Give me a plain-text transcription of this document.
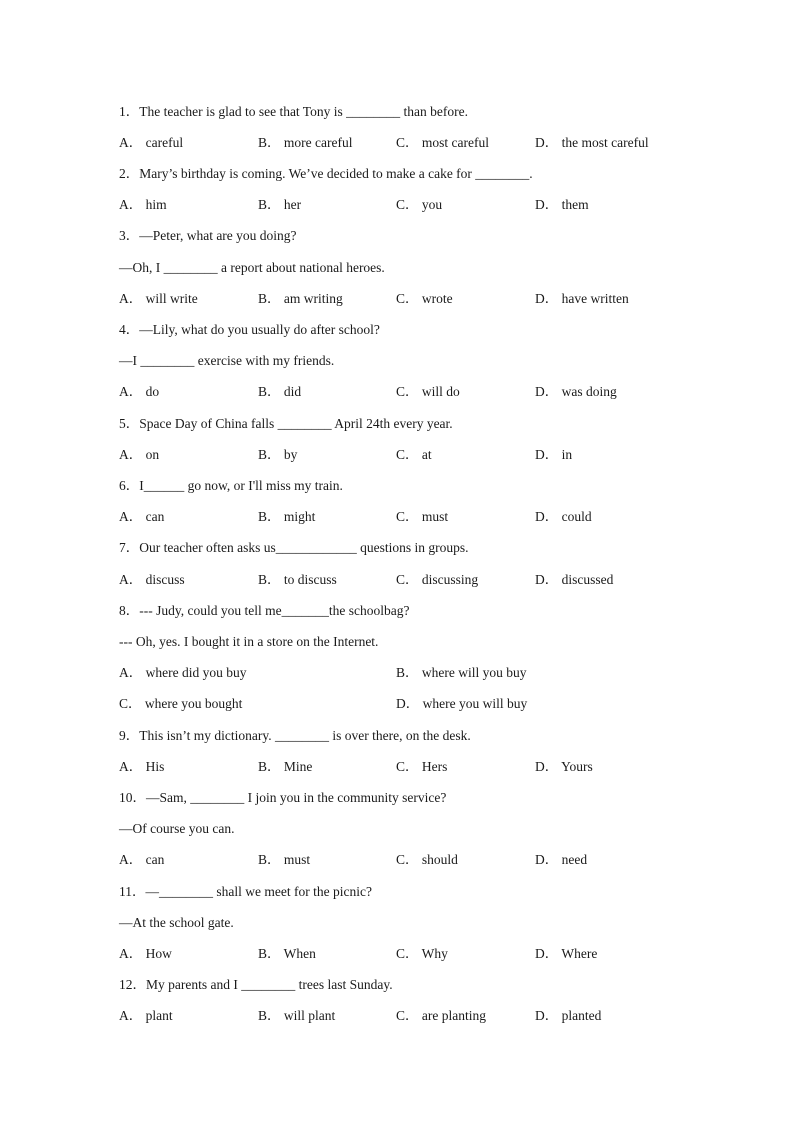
1．The teacher is glad to see that Tony is ________ than before.
A． careful	B． more careful	C． most careful	D． the most careful
2．Mary’s birthday is coming. We’ve decided to make a cake for ________.
A． him	B． her	C． you	D． them
3．—Peter, what are you doing?
—Oh, I ________ a report about national heroes.
A． will write	B． am writing	C． wrote	D． have written
4．—Lily, what do you usually do after school?
—I ________ exercise with my friends.
A． do	B． did	C． will do	D． was doing
5．Space Day of China falls ________ April 24th every year.
A． on	B． by	C． at	D． in
6．I______ go now, or I'll miss my train.
A． can	B． might	C． must	D． could
7．Our teacher often asks us____________ questions in groups.
A． discuss	B． to discuss	C． discussing	D． discussed
8．--- Judy, could you tell me_______the schoolbag?
--- Oh, yes. I bought it in a store on the Internet.
A． where did you buy	B． where will you buy
C． where you bought	D． where you will buy
9．This isn’t my dictionary. ________ is over there, on the desk.
A． His	B． Mine	C． Hers	D． Yours
10．—Sam, ________ I join you in the community service?
—Of course you can.
A． can	B． must	C． should	D． need
11．—________ shall we meet for the picnic?
—At the school gate.
A． How	B． When	C． Why	D． Where
12．My parents and I ________ trees last Sunday.
A． plant	B． will plant	C． are planting	D． planted
